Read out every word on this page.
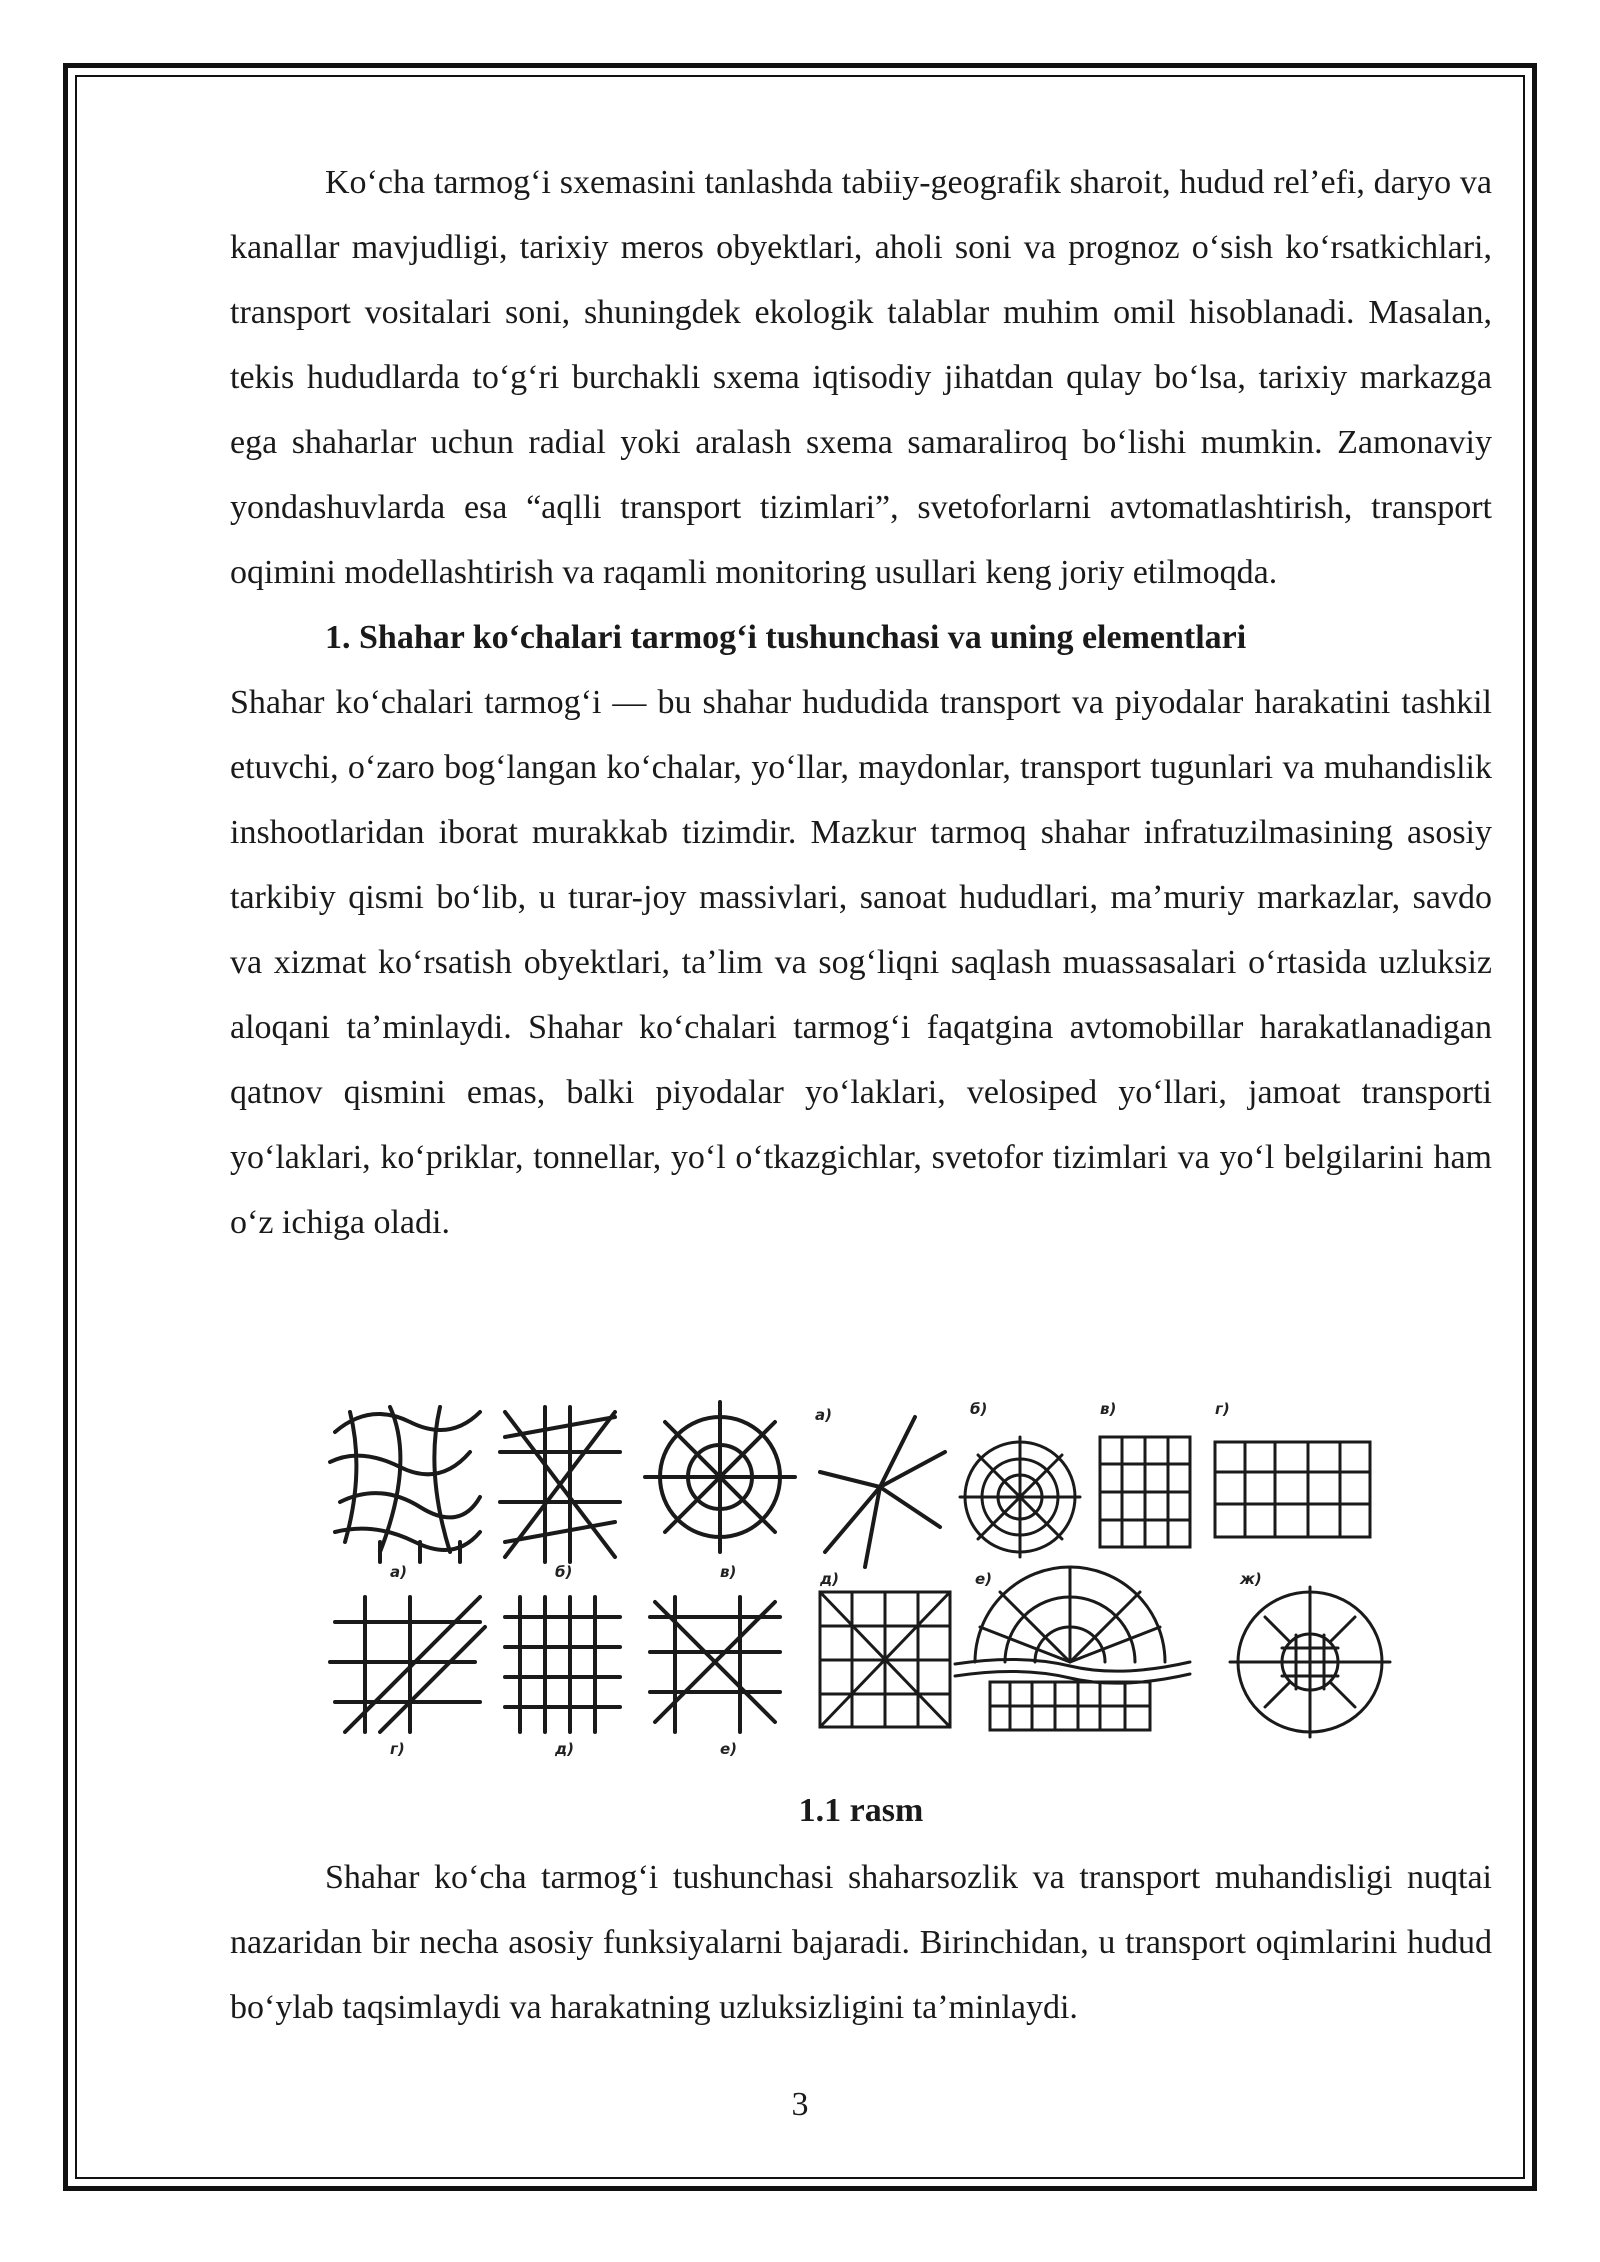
Koʻcha tarmogʻi sxemasini tanlashda tabiiy-geografik sharoit, hudud relʼefi, daryo va kanallar mavjudligi, tarixiy meros obyektlari, aholi soni va prognoz oʻsish koʻrsatkichlari, transport vositalari soni, shuningdek ekologik talablar muhim omil hisoblanadi. Masalan, tekis hududlarda toʻgʻri burchakli sxema iqtisodiy jihatdan qulay boʻlsa, tarixiy markazga ega shaharlar uchun radial yoki aralash sxema samaraliroq boʻlishi mumkin. Zamonaviy yondashuvlarda esa “aqlli transport tizimlari”, svetoforlarni avtomatlashtirish, transport oqimini modellashtirish va raqamli monitoring usullari keng joriy etilmoqda.

1. Shahar koʻchalari tarmogʻi tushunchasi va uning elementlari

Shahar koʻchalari tarmogʻi — bu shahar hududida transport va piyodalar harakatini tashkil etuvchi, oʻzaro bogʻlangan koʻchalar, yoʻllar, maydonlar, transport tugunlari va muhandislik inshootlaridan iborat murakkab tizimdir. Mazkur tarmoq shahar infratuzilmasining asosiy tarkibiy qismi boʻlib, u turar-joy massivlari, sanoat hududlari, maʼmuriy markazlar, savdo va xizmat koʻrsatish obyektlari, taʼlim va sogʻliqni saqlash muassasalari oʻrtasida uzluksiz aloqani taʼminlaydi. Shahar koʻchalari tarmogʻi faqatgina avtomobillar harakatlanadigan qatnov qismini emas, balki piyodalar yoʻlaklari, velosiped yoʻllari, jamoat transporti yoʻlaklari, koʻpriklar, tonnellar, yoʻl oʻtkazgichlar, svetofor tizimlari va yoʻl belgilarini ham oʻz ichiga oladi.

а)	б)	в)
г)	д)	е)
а)	б)	в)	г)
д)	е)	ж)
1.1 rasm

Shahar koʻcha tarmogʻi tushunchasi shaharsozlik va transport muhandisligi nuqtai nazaridan bir necha asosiy funksiyalarni bajaradi. Birinchidan, u transport oqimlarini hudud boʻylab taqsimlaydi va harakatning uzluksizligini taʼminlaydi.

3
